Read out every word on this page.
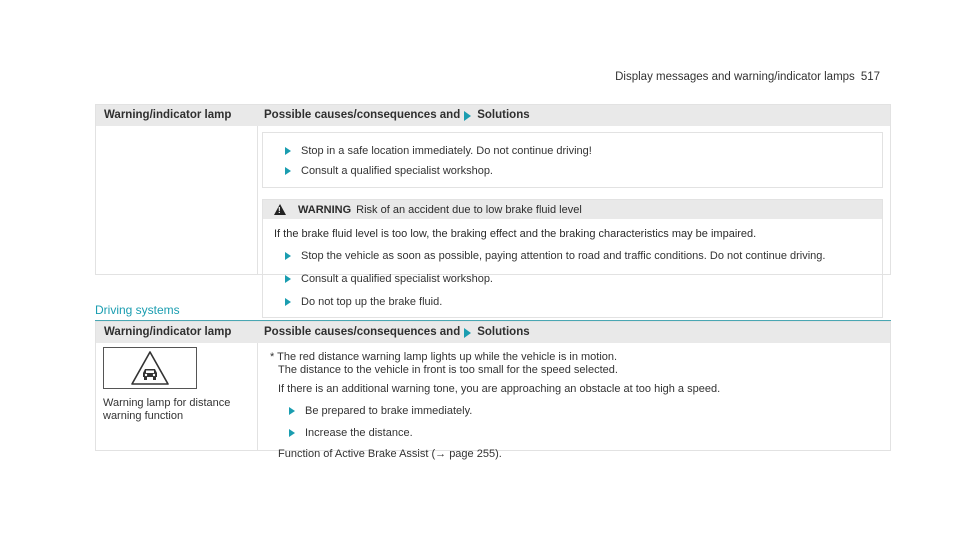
Display messages and warning/indicator lamps 517
Warning/indicator lamp	Possible causes/consequences and Solutions
Stop in a safe location immediately. Do not continue driving!
Consult a qualified specialist workshop.
!
WARNING Risk of an accident due to low brake fluid level
If the brake fluid level is too low, the braking effect and the braking characteristics may be impaired.
Stop the vehicle as soon as possible, paying attention to road and traffic conditions. Do not continue driving.
Consult a qualified specialist workshop.
Do not top up the brake fluid.
Driving systems
Warning/indicator lamp	Possible causes/consequences and Solutions
Warning lamp for distance
warning function
* The red distance warning lamp lights up while the vehicle is in motion.
The distance to the vehicle in front is too small for the speed selected.
If there is an additional warning tone, you are approaching an obstacle at too high a speed.
Be prepared to brake immediately.
Increase the distance.
Function of Active Brake Assist (→ page 255).
